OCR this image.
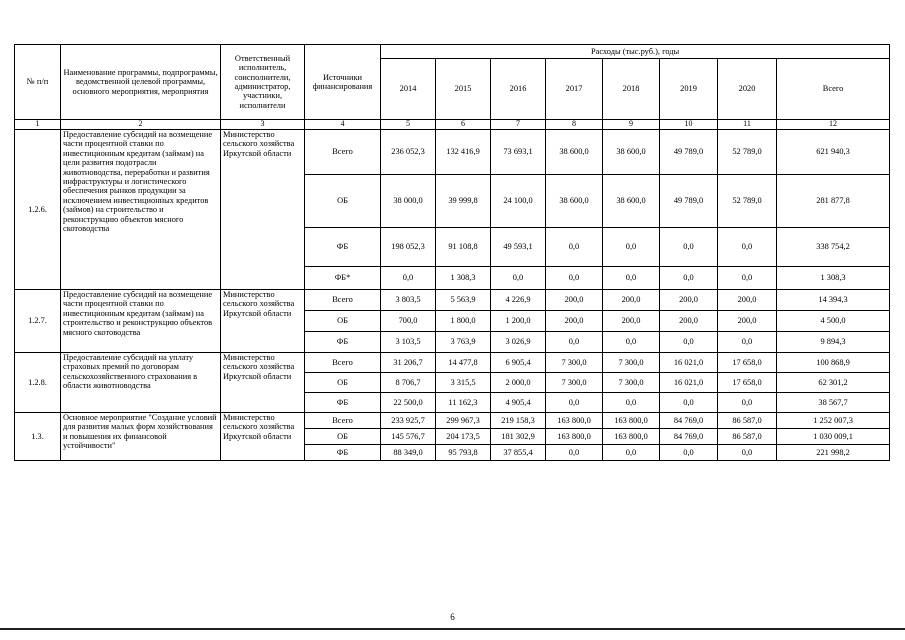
№ п/п	Наименование программы, подпрограммы, ведомственной целевой программы, основного мероприятия, мероприятия	Ответственный исполнитель, соисполнители, администратор, участники, исполнители	Источники финансирования	Расходы (тыс.руб.), годы							
				2014	2015	2016	2017	2018	2019	2020	Всего
1	2	3	4	5	6	7	8	9	10	11	12
1.2.6.	Предоставление субсидий на возмещение части процентной ставки по инвестиционным кредитам (займам) на цели развития подотрасли животноводства, переработки и развития инфраструктуры и логистического обеспечения рынков продукции за исключением инвестиционных кредитов (займов) на строительство и реконструкцию объектов мясного скотоводства	Министерство сельского хозяйства Иркутской области	Всего	236 052,3	132 416,9	73 693,1	38 600,0	38 600,0	49 789,0	52 789,0	621 940,3
			ОБ	38 000,0	39 999,8	24 100,0	38 600,0	38 600,0	49 789,0	52 789,0	281 877,8
			ФБ	198 052,3	91 108,8	49 593,1	0,0	0,0	0,0	0,0	338 754,2
			ФБ*	0,0	1 308,3	0,0	0,0	0,0	0,0	0,0	1 308,3
1.2.7.	Предоставление субсидий на возмещение части процентной ставки по инвестиционным кредитам (займам) на строительство и реконструкцию объектов мясного скотоводства	Министерство сельского хозяйства Иркутской области	Всего	3 803,5	5 563,9	4 226,9	200,0	200,0	200,0	200,0	14 394,3
			ОБ	700,0	1 800,0	1 200,0	200,0	200,0	200,0	200,0	4 500,0
			ФБ	3 103,5	3 763,9	3 026,9	0,0	0,0	0,0	0,0	9 894,3
1.2.8.	Предоставление субсидий на уплату страховых премий по договорам сельскохозяйственного страхования в области животноводства	Министерство сельского хозяйства Иркутской области	Всего	31 206,7	14 477,8	6 905,4	7 300,0	7 300,0	16 021,0	17 658,0	100 868,9
			ОБ	8 706,7	3 315,5	2 000,0	7 300,0	7 300,0	16 021,0	17 658,0	62 301,2
			ФБ	22 500,0	11 162,3	4 905,4	0,0	0,0	0,0	0,0	38 567,7
1.3.	Основное мероприятие "Создание условий для развития малых форм хозяйствования и повышения их финансовой устойчивости"	Министерство сельского хозяйства Иркутской области	Всего	233 925,7	299 967,3	219 158,3	163 800,0	163 800,0	84 769,0	86 587,0	1 252 007,3
			ОБ	145 576,7	204 173,5	181 302,9	163 800,0	163 800,0	84 769,0	86 587,0	1 030 009,1
			ФБ	88 349,0	95 793,8	37 855,4	0,0	0,0	0,0	0,0	221 998,2
6
